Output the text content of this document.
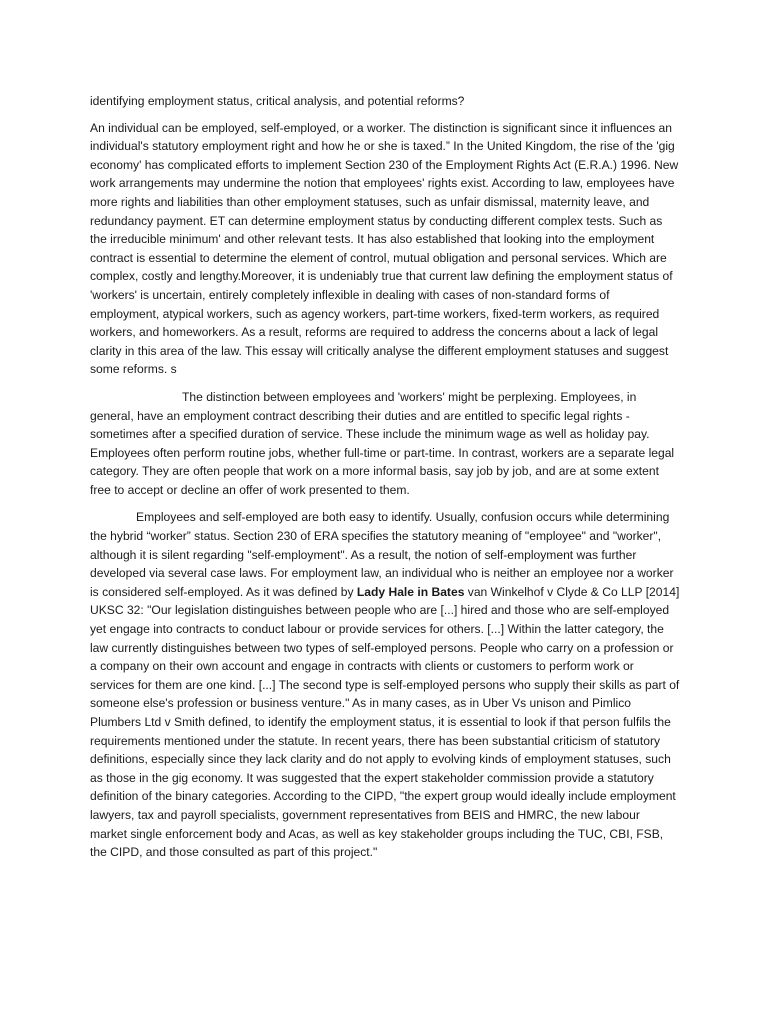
identifying employment status, critical analysis, and potential reforms?

An individual can be employed, self-employed, or a worker. The distinction is significant since it influences an individual's statutory employment right and how he or she is taxed.” In the United Kingdom, the rise of the 'gig economy' has complicated efforts to implement Section 230 of the Employment Rights Act (E.R.A.) 1996. New work arrangements may undermine the notion that employees' rights exist. According to law, employees have more rights and liabilities than other employment statuses, such as unfair dismissal, maternity leave, and redundancy payment. ET can determine employment status by conducting different complex tests. Such as the irreducible minimum' and other relevant tests. It has also established that looking into the employment contract is essential to determine the element of control, mutual obligation and personal services. Which are complex, costly and lengthy.Moreover, it is undeniably true that current law defining the employment status of 'workers' is uncertain, entirely completely inflexible in dealing with cases of non-standard forms of employment, atypical workers, such as agency workers, part-time workers, fixed-term workers, as required workers, and homeworkers. As a result, reforms are required to address the concerns about a lack of legal clarity in this area of the law. This essay will critically analyse the different employment statuses and suggest some reforms. s

The distinction between employees and 'workers' might be perplexing. Employees, in general, have an employment contract describing their duties and are entitled to specific legal rights - sometimes after a specified duration of service. These include the minimum wage as well as holiday pay. Employees often perform routine jobs, whether full-time or part-time. In contrast, workers are a separate legal category. They are often people that work on a more informal basis, say job by job, and are at some extent free to accept or decline an offer of work presented to them.

Employees and self-employed are both easy to identify. Usually, confusion occurs while determining the hybrid “worker” status. Section 230 of ERA specifies the statutory meaning of "employee" and "worker", although it is silent regarding "self-employment". As a result, the notion of self-employment was further developed via several case laws. For employment law, an individual who is neither an employee nor a worker is considered self-employed. As it was defined by Lady Hale in Bates van Winkelhof v Clyde & Co LLP [2014] UKSC 32: "Our legislation distinguishes between people who are [...] hired and those who are self-employed yet engage into contracts to conduct labour or provide services for others. [...] Within the latter category, the law currently distinguishes between two types of self-employed persons. People who carry on a profession or a company on their own account and engage in contracts with clients or customers to perform work or services for them are one kind. [...] The second type is self-employed persons who supply their skills as part of someone else's profession or business venture." As in many cases, as in Uber Vs unison and Pimlico Plumbers Ltd v Smith defined, to identify the employment status, it is essential to look if that person fulfils the requirements mentioned under the statute. In recent years, there has been substantial criticism of statutory definitions, especially since they lack clarity and do not apply to evolving kinds of employment statuses, such as those in the gig economy. It was suggested that the expert stakeholder commission provide a statutory definition of the binary categories. According to the CIPD, "the expert group would ideally include employment lawyers, tax and payroll specialists, government representatives from BEIS and HMRC, the new labour market single enforcement body and Acas, as well as key stakeholder groups including the TUC, CBI, FSB, the CIPD, and those consulted as part of this project."
